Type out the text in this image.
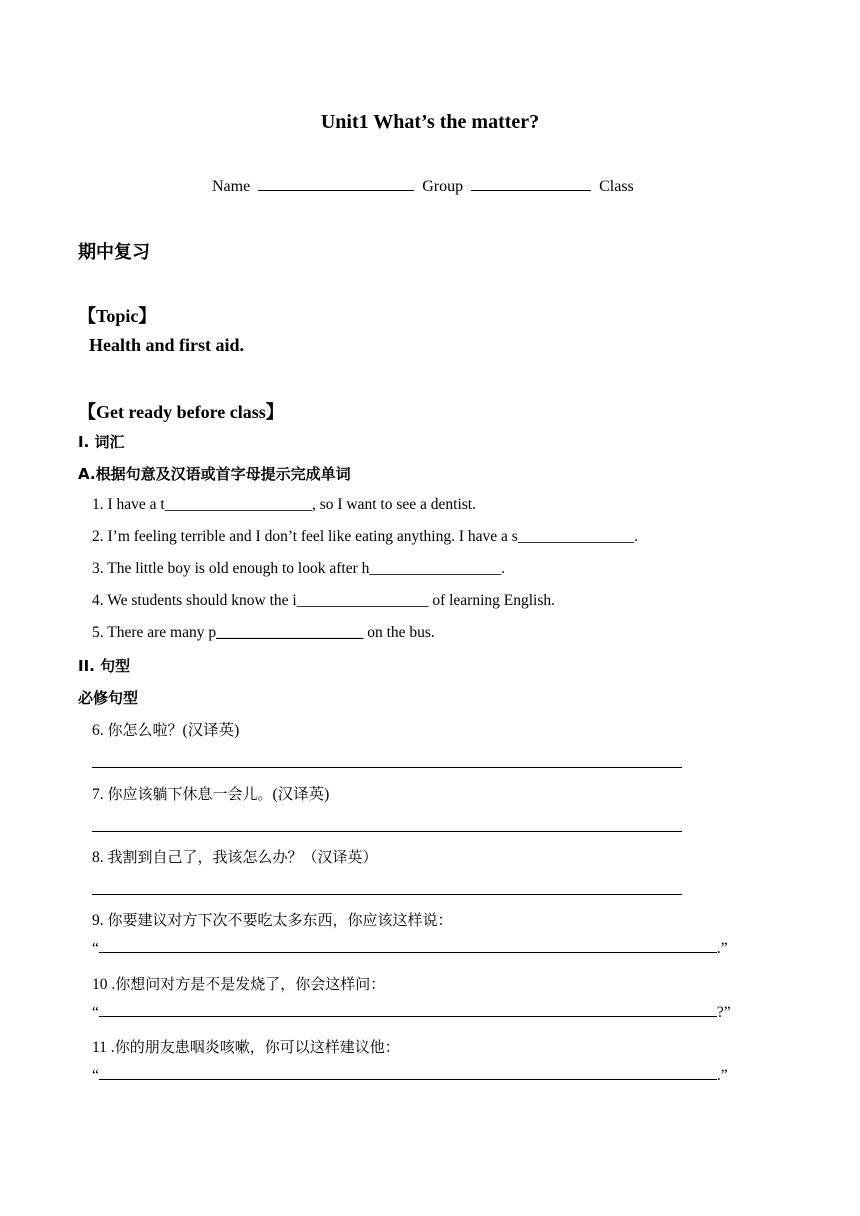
Unit1 What’s the matter?
Name	Group	Class
期中复习
【Topic】
Health and first aid.
【Get ready before class】
I. 词汇
A.根据句意及汉语或首字母提示完成单词
1. I have a t___________________, so I want to see a dentist.
2. I’m feeling terrible and I don’t feel like eating anything. I have a s_______________.
3. The little boy is old enough to look after h_________________.
4. We students should know the i_________________ of learning English.
5. There are many p___________________ on the bus.
II. 句型
必修句型
6. 你怎么啦？(汉译英)
7. 你应该躺下休息一会儿。(汉译英)
8. 我割到自己了，我该怎么办？（汉译英）
9. 你要建议对方下次不要吃太多东西，你应该这样说：
“	.”
10 .你想问对方是不是发烧了，你会这样问：
“	?”
11 .你的朋友患咽炎咳嗽，你可以这样建议他：
“	.”
